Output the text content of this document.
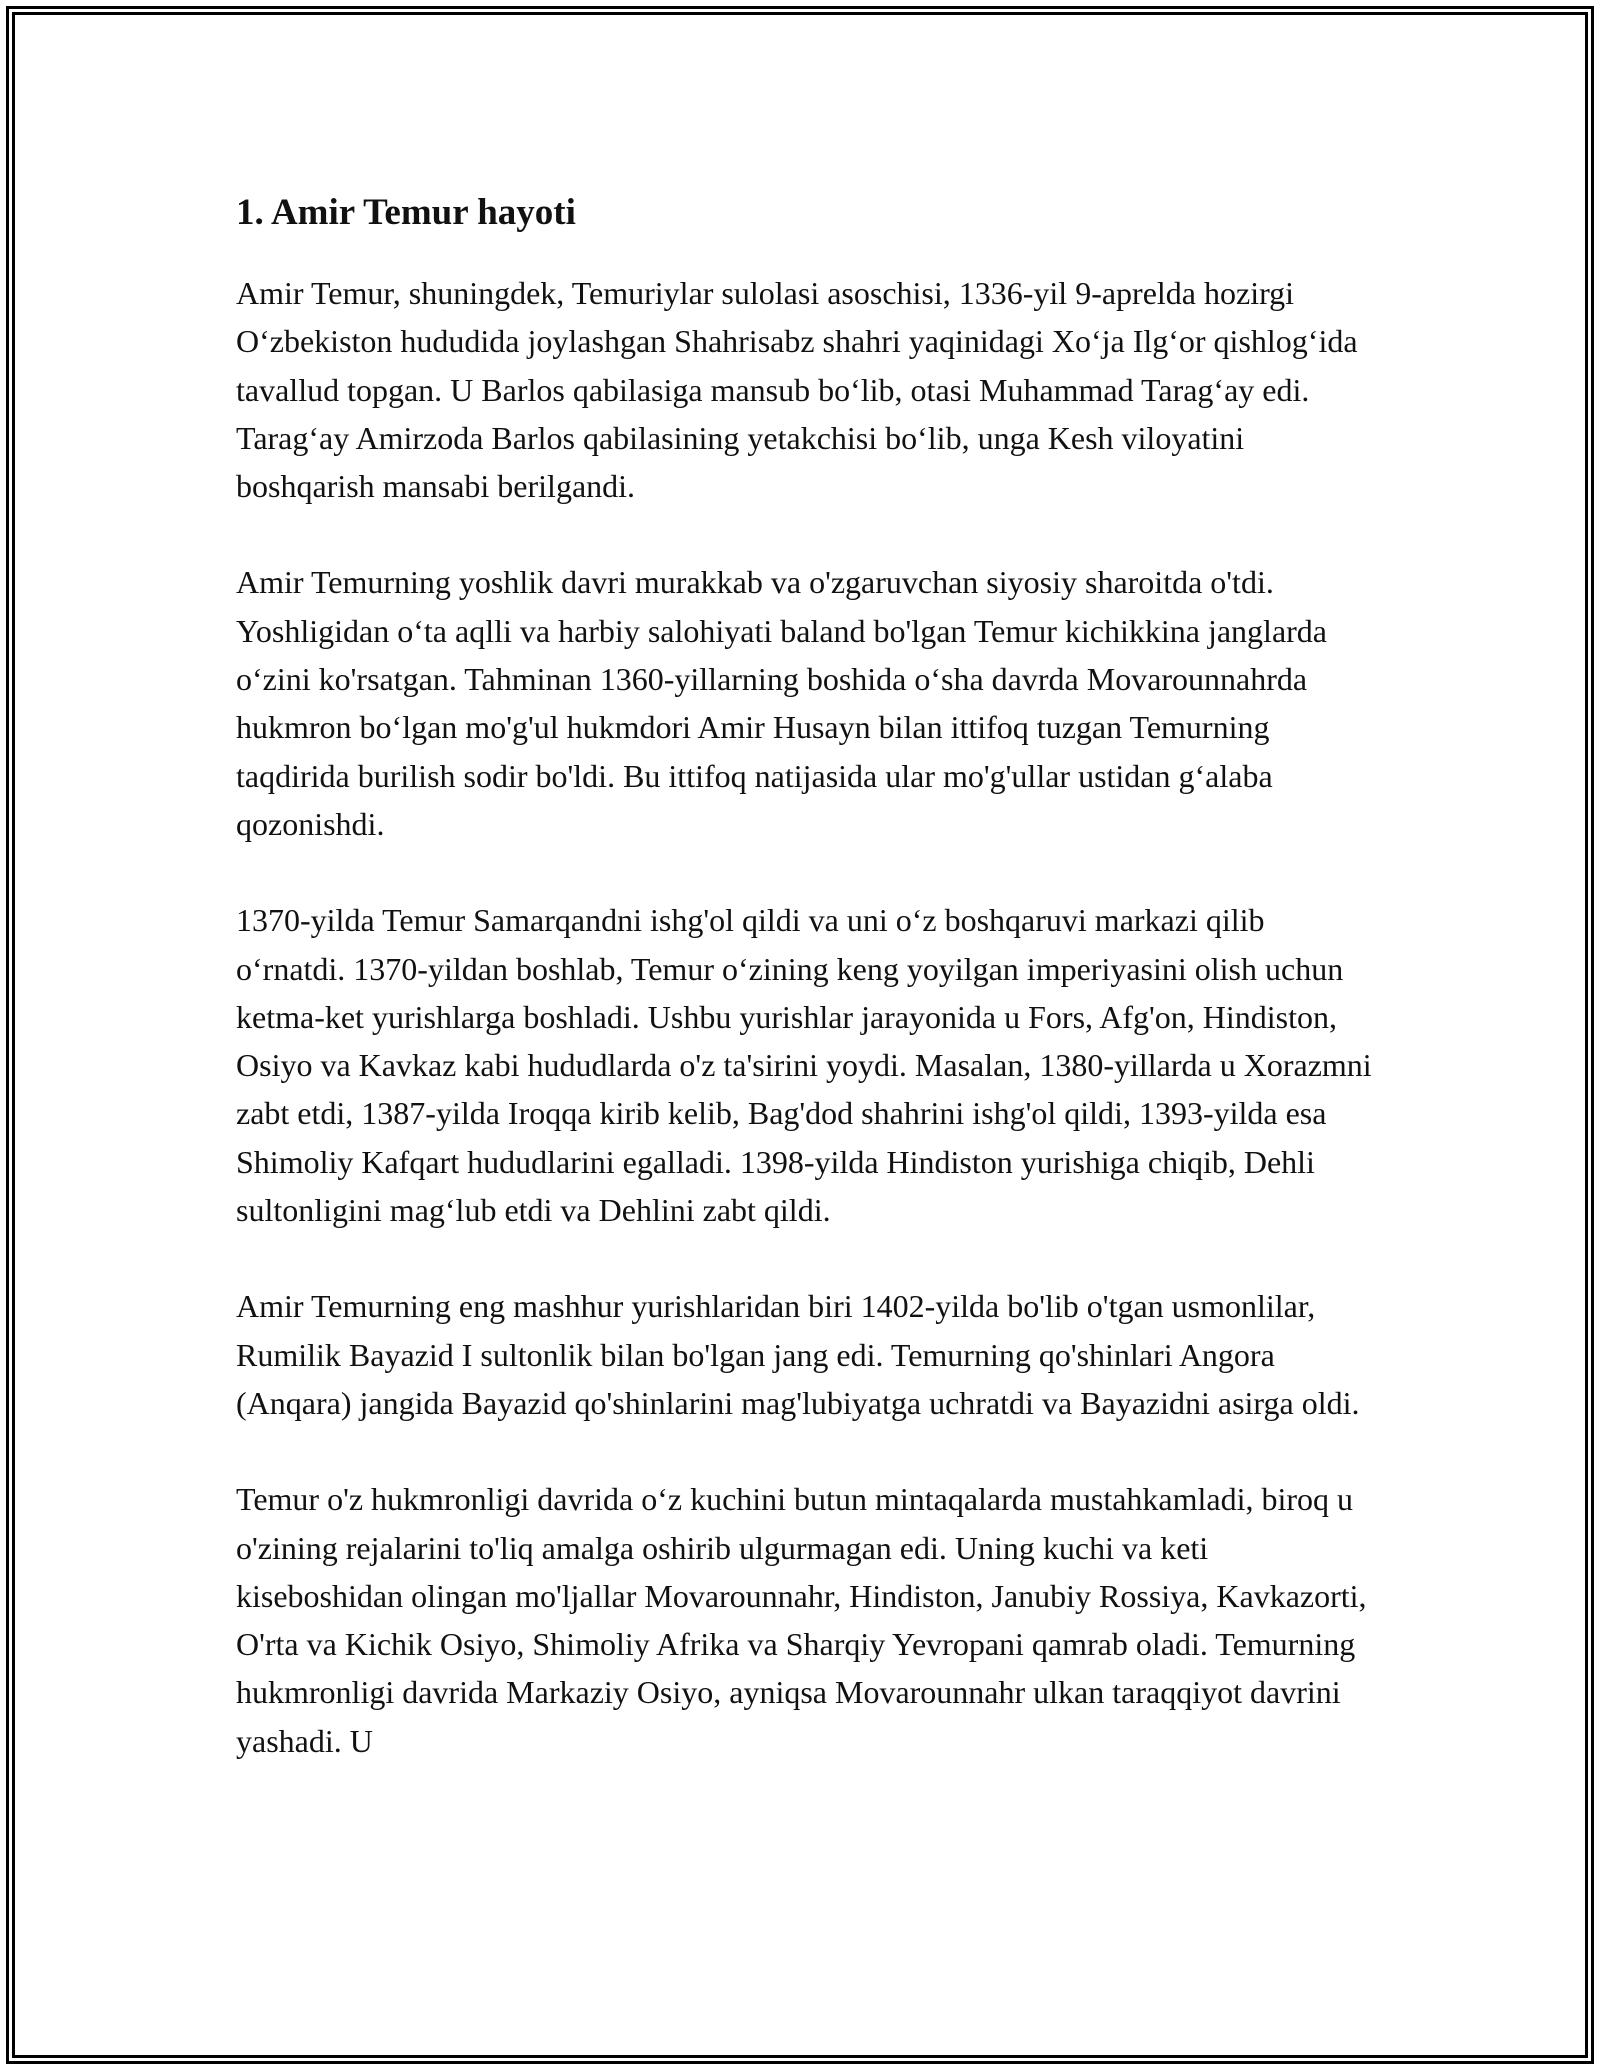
1. Amir Temur hayoti

Amir Temur, shuningdek, Temuriylar sulolasi asoschisi, 1336-yil 9-aprelda hozirgi O‘zbekiston hududida joylashgan Shahrisabz shahri yaqinidagi Xo‘ja Ilg‘or qishlog‘ida tavallud topgan. U Barlos qabilasiga mansub bo‘lib, otasi Muhammad Tarag‘ay edi. Tarag‘ay Amirzoda Barlos qabilasining yetakchisi bo‘lib, unga Kesh viloyatini boshqarish mansabi berilgandi.

Amir Temurning yoshlik davri murakkab va o'zgaruvchan siyosiy sharoitda o'tdi. Yoshligidan o‘ta aqlli va harbiy salohiyati baland bo'lgan Temur kichikkina janglarda o‘zini ko'rsatgan. Tahminan 1360-yillarning boshida o‘sha davrda Movarounnahrda hukmron bo‘lgan mo'g'ul hukmdori Amir Husayn bilan ittifoq tuzgan Temurning taqdirida burilish sodir bo'ldi. Bu ittifoq natijasida ular mo'g'ullar ustidan g‘alaba qozonishdi.

1370-yilda Temur Samarqandni ishg'ol qildi va uni o‘z boshqaruvi markazi qilib o‘rnatdi. 1370-yildan boshlab, Temur o‘zining keng yoyilgan imperiyasini olish uchun ketma-ket yurishlarga boshladi. Ushbu yurishlar jarayonida u Fors, Afg'on, Hindiston, Osiyo va Kavkaz kabi hududlarda o'z ta'sirini yoydi. Masalan, 1380-yillarda u Xorazmni zabt etdi, 1387-yilda Iroqqa kirib kelib, Bag'dod shahrini ishg'ol qildi, 1393-yilda esa Shimoliy Kafqart hududlarini egalladi. 1398-yilda Hindiston yurishiga chiqib, Dehli sultonligini mag‘lub etdi va Dehlini zabt qildi.

Amir Temurning eng mashhur yurishlaridan biri 1402-yilda bo'lib o'tgan usmonlilar, Rumilik Bayazid I sultonlik bilan bo'lgan jang edi. Temurning qo'shinlari Angora (Anqara) jangida Bayazid qo'shinlarini mag'lubiyatga uchratdi va Bayazidni asirga oldi.

Temur o'z hukmronligi davrida o‘z kuchini butun mintaqalarda mustahkamladi, biroq u o'zining rejalarini to'liq amalga oshirib ulgurmagan edi. Uning kuchi va keti kiseboshidan olingan mo'ljallar Movarounnahr, Hindiston, Janubiy Rossiya, Kavkazorti, O'rta va Kichik Osiyo, Shimoliy Afrika va Sharqiy Yevropani qamrab oladi. Temurning hukmronligi davrida Markaziy Osiyo, ayniqsa Movarounnahr ulkan taraqqiyot davrini yashadi. U
